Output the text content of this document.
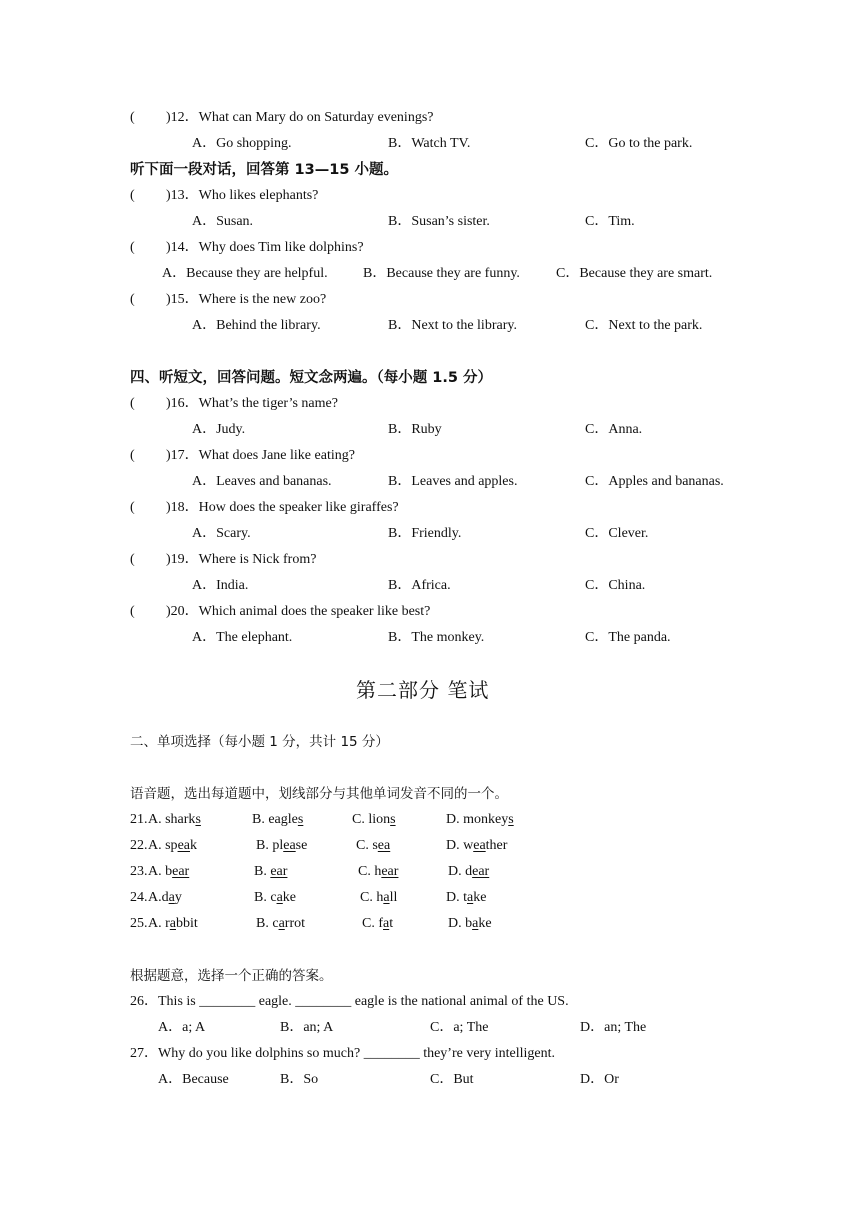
( )12．What can Mary do on Saturday evenings?
A．Go shopping.	B．Watch TV.	C．Go to the park.
听下面一段对话，回答第 13—15 小题。
( )13．Who likes elephants?
A．Susan.	B．Susan’s sister.	C．Tim.
( )14．Why does Tim like dolphins?
A．Because they are helpful.	B．Because they are funny.	C．Because they are smart.
( )15．Where is the new zoo?
A．Behind the library.	B．Next to the library.	C．Next to the park.
四、听短文，回答问题。短文念两遍。（每小题 1.5 分）
( )16．What’s the tiger’s name?
A．Judy.	B．Ruby	C．Anna.
( )17．What does Jane like eating?
A．Leaves and bananas.	B．Leaves and apples.	C．Apples and bananas.
( )18．How does the speaker like giraffes?
A．Scary.	B．Friendly.	C．Clever.
( )19．Where is Nick from?
A．India.	B．Africa.	C．China.
( )20．Which animal does the speaker like best?
A．The elephant.	B．The monkey.	C．The panda.
第二部分 笔试
二、单项选择（每小题 1 分，共计 15 分）
语音题，选出每道题中，划线部分与其他单词发音不同的一个。
21. A. sharks	B. eagles	C. lions	D. monkeys
22. A. speak	B. please	C. sea	D. weather
23. A. bear	B. ear	C. hear	D. dear
24. A.day	B. cake	C. hall	D. take
25. A. rabbit	B. carrot	C. fat	D. bake
根据题意，选择一个正确的答案。
26．This is ________ eagle. ________ eagle is the national animal of the US.
A．a; A	B．an; A	C．a; The	D．an; The
27．Why do you like dolphins so much? ________ they’re very intelligent.
A．Because	B．So	C．But	D．Or
